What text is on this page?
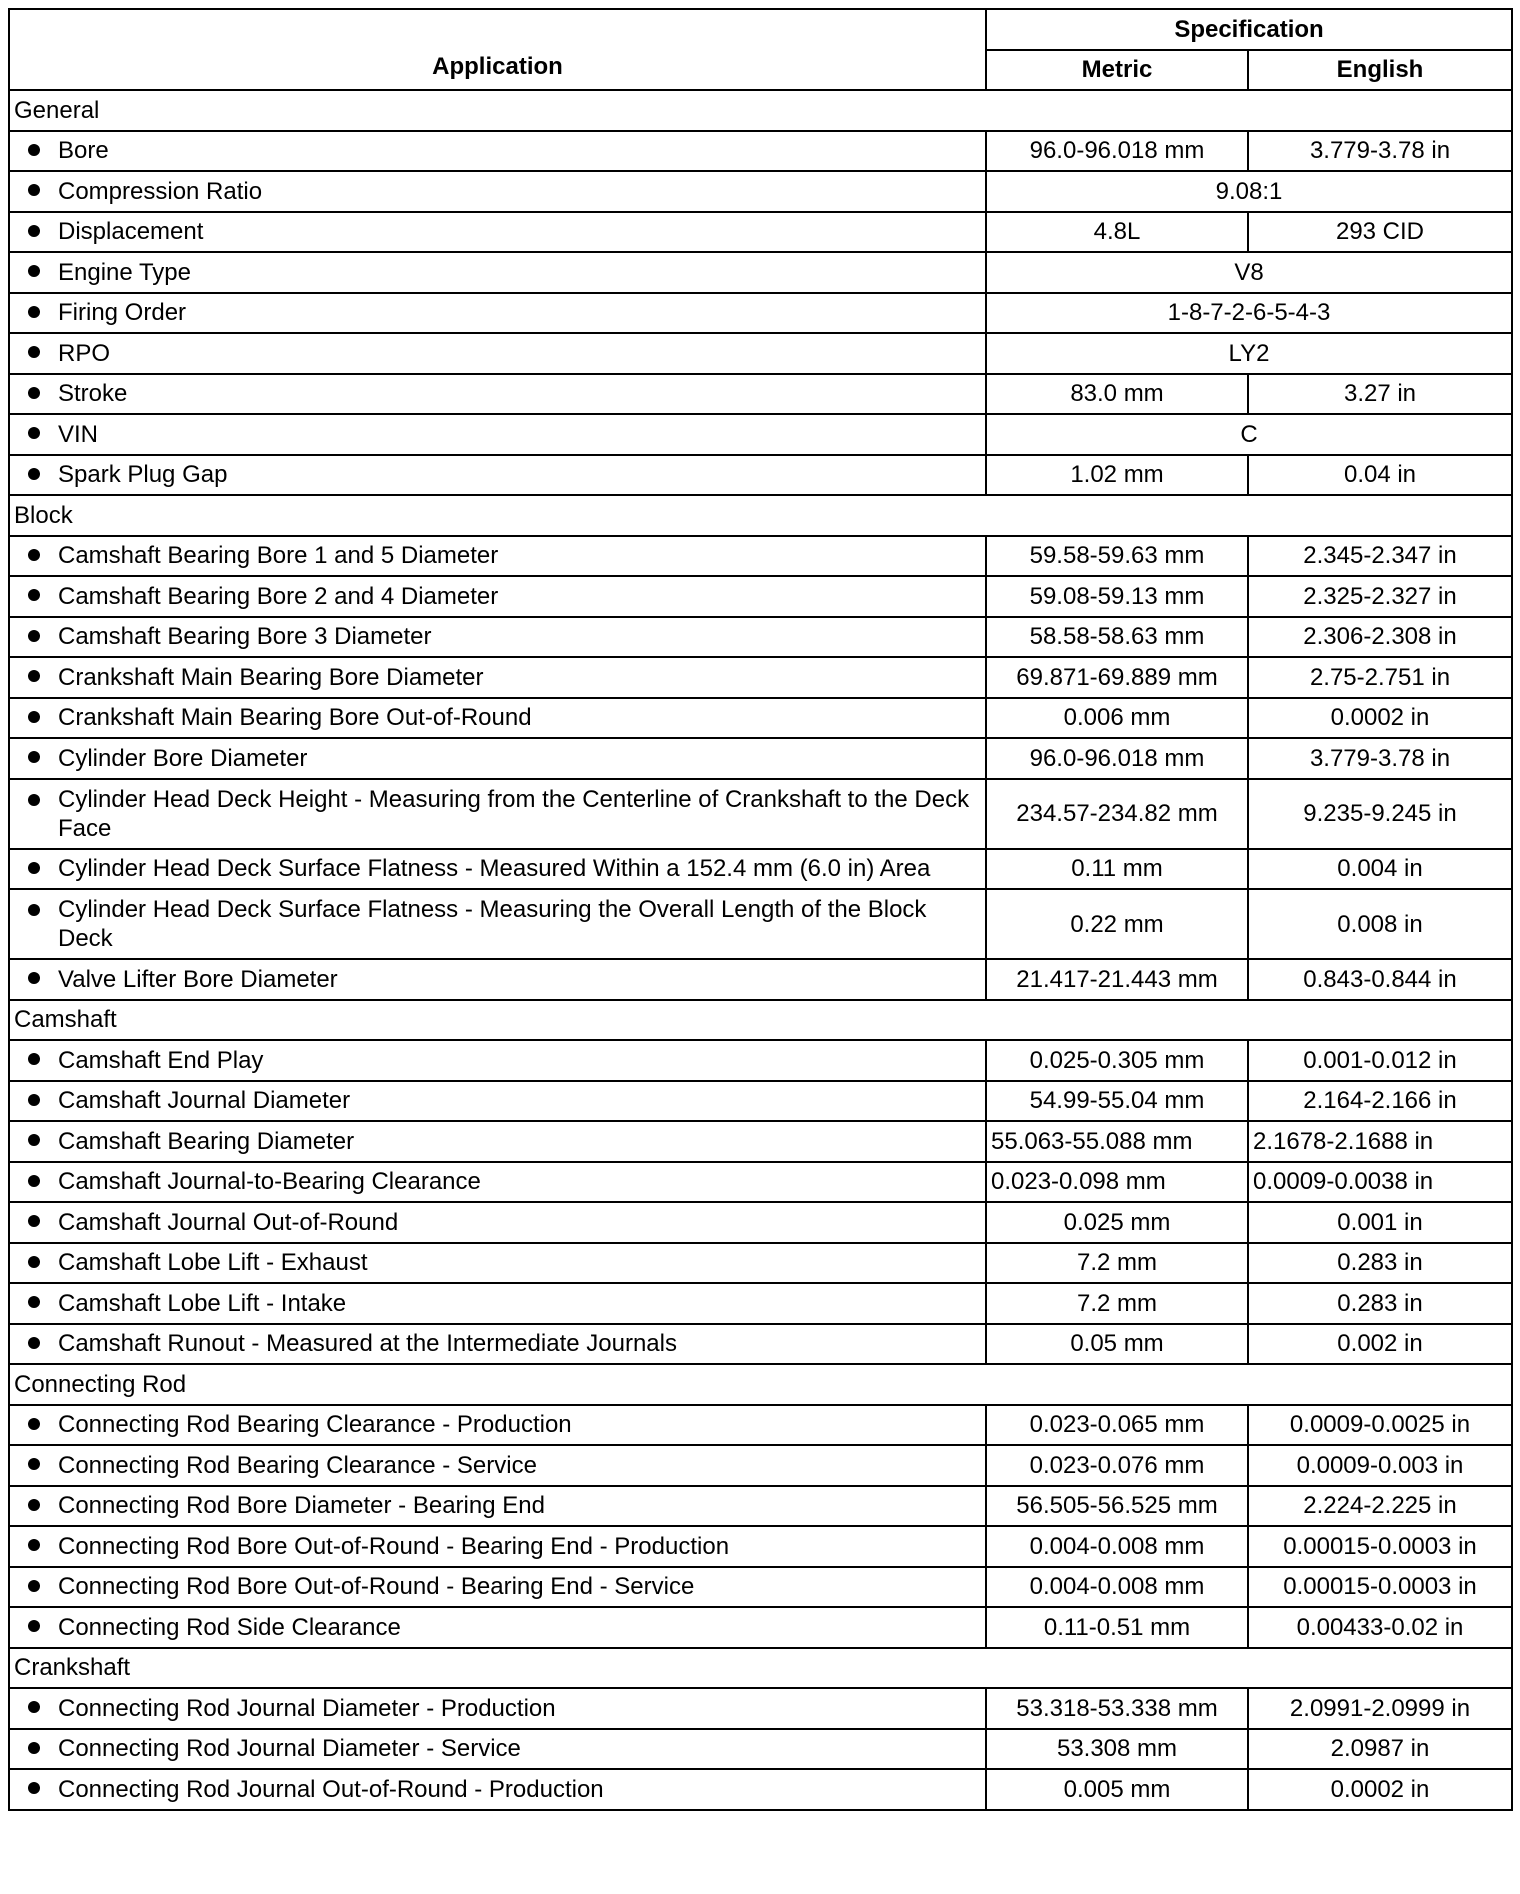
Application	Specification	
	Metric	English
General		
Bore	96.0-96.018 mm	3.779-3.78 in
Compression Ratio	9.08:1	
Displacement	4.8L	293 CID
Engine Type	V8	
Firing Order	1-8-7-2-6-5-4-3	
RPO	LY2	
Stroke	83.0 mm	3.27 in
VIN	C	
Spark Plug Gap	1.02 mm	0.04 in
Block		
Camshaft Bearing Bore 1 and 5 Diameter	59.58-59.63 mm	2.345-2.347 in
Camshaft Bearing Bore 2 and 4 Diameter	59.08-59.13 mm	2.325-2.327 in
Camshaft Bearing Bore 3 Diameter	58.58-58.63 mm	2.306-2.308 in
Crankshaft Main Bearing Bore Diameter	69.871-69.889 mm	2.75-2.751 in
Crankshaft Main Bearing Bore Out-of-Round	0.006 mm	0.0002 in
Cylinder Bore Diameter	96.0-96.018 mm	3.779-3.78 in

Cylinder Head Deck Height - Measuring from the Centerline of Crankshaft to the Deck Face	234.57-234.82 mm	9.235-9.245 in
Cylinder Head Deck Surface Flatness - Measured Within a 152.4 mm (6.0 in) Area	0.11 mm	0.004 in

Cylinder Head Deck Surface Flatness - Measuring the Overall Length of the Block Deck	0.22 mm	0.008 in
Valve Lifter Bore Diameter	21.417-21.443 mm	0.843-0.844 in
Camshaft		
Camshaft End Play	0.025-0.305 mm	0.001-0.012 in
Camshaft Journal Diameter	54.99-55.04 mm	2.164-2.166 in
Camshaft Bearing Diameter	55.063-55.088 mm	2.1678-2.1688 in
Camshaft Journal-to-Bearing Clearance	0.023-0.098 mm	0.0009-0.0038 in
Camshaft Journal Out-of-Round	0.025 mm	0.001 in
Camshaft Lobe Lift - Exhaust	7.2 mm	0.283 in
Camshaft Lobe Lift - Intake	7.2 mm	0.283 in
Camshaft Runout - Measured at the Intermediate Journals	0.05 mm	0.002 in
Connecting Rod		
Connecting Rod Bearing Clearance - Production	0.023-0.065 mm	0.0009-0.0025 in
Connecting Rod Bearing Clearance - Service	0.023-0.076 mm	0.0009-0.003 in
Connecting Rod Bore Diameter - Bearing End	56.505-56.525 mm	2.224-2.225 in
Connecting Rod Bore Out-of-Round - Bearing End - Production	0.004-0.008 mm	0.00015-0.0003 in
Connecting Rod Bore Out-of-Round - Bearing End - Service	0.004-0.008 mm	0.00015-0.0003 in
Connecting Rod Side Clearance	0.11-0.51 mm	0.00433-0.02 in
Crankshaft		
Connecting Rod Journal Diameter - Production	53.318-53.338 mm	2.0991-2.0999 in
Connecting Rod Journal Diameter - Service	53.308 mm	2.0987 in
Connecting Rod Journal Out-of-Round - Production	0.005 mm	0.0002 in
